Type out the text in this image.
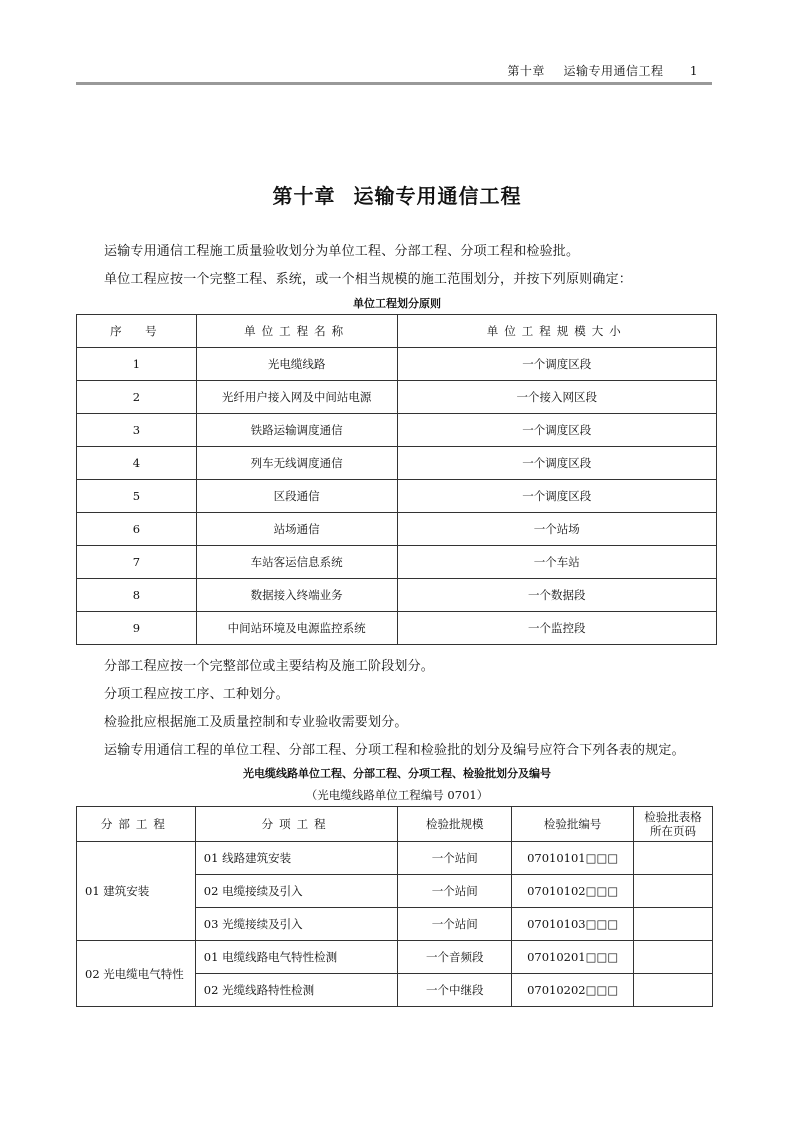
第十章 运输专用通信工程 1
第十章 运输专用通信工程
运输专用通信工程施工质量验收划分为单位工程、分部工程、分项工程和检验批。
单位工程应按一个完整工程、系统，或一个相当规模的施工范围划分，并按下列原则确定：
单位工程划分原则
序　号	单位工程名称	单位工程规模大小
1	光电缆线路	一个调度区段
2	光纤用户接入网及中间站电源	一个接入网区段
3	铁路运输调度通信	一个调度区段
4	列车无线调度通信	一个调度区段
5	区段通信	一个调度区段
6	站场通信	一个站场
7	车站客运信息系统	一个车站
8	数据接入终端业务	一个数据段
9	中间站环境及电源监控系统	一个监控段
分部工程应按一个完整部位或主要结构及施工阶段划分。
分项工程应按工序、工种划分。
检验批应根据施工及质量控制和专业验收需要划分。
运输专用通信工程的单位工程、分部工程、分项工程和检验批的划分及编号应符合下列各表的规定。
光电缆线路单位工程、分部工程、分项工程、检验批划分及编号
（光电缆线路单位工程编号 0701）
分部工程	分项工程	检验批规模	检验批编号	检验批表格
所在页码
01 建筑安装	01 线路建筑安装	一个站间	07010101□□□	
	02 电缆接续及引入	一个站间	07010102□□□	
	03 光缆接续及引入	一个站间	07010103□□□	
02 光电缆电气特性	01 电缆线路电气特性检测	一个音频段	07010201□□□	
	02 光缆线路特性检测	一个中继段	07010202□□□	
